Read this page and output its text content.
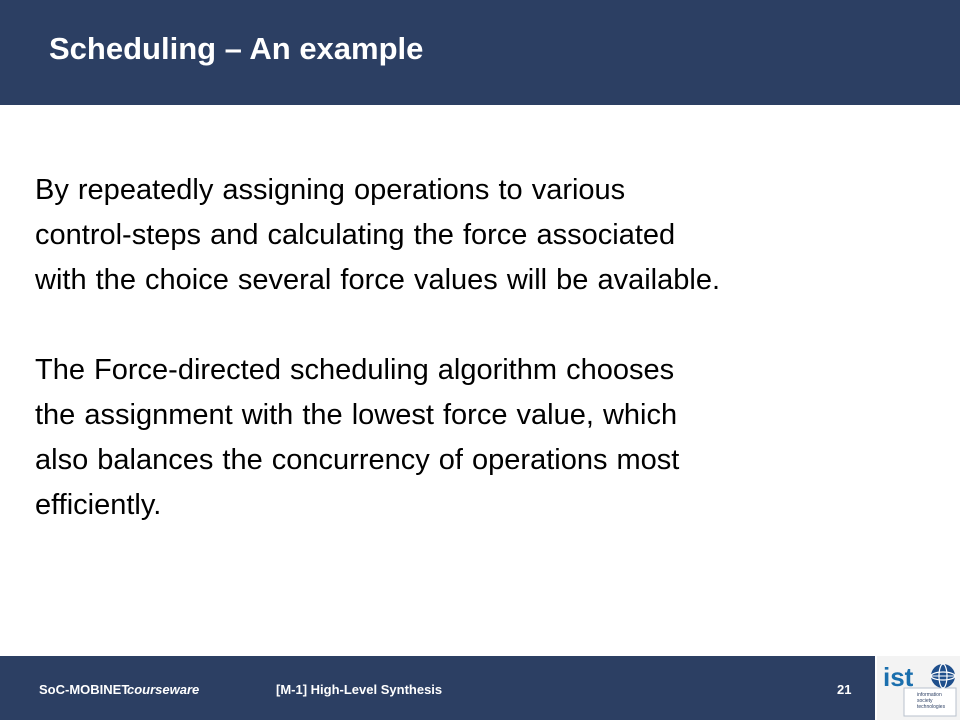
Scheduling – An example

By repeatedly assigning operations to various
control-steps and calculating the force associated
with the choice several force values will be available.

The Force-directed scheduling algorithm chooses
the assignment with the lowest force value, which
also balances the concurrency of operations most
efficiently.

SoC-MOBINET
courseware	[M-1] High-Level Synthesis	21 ist
information society technologies
